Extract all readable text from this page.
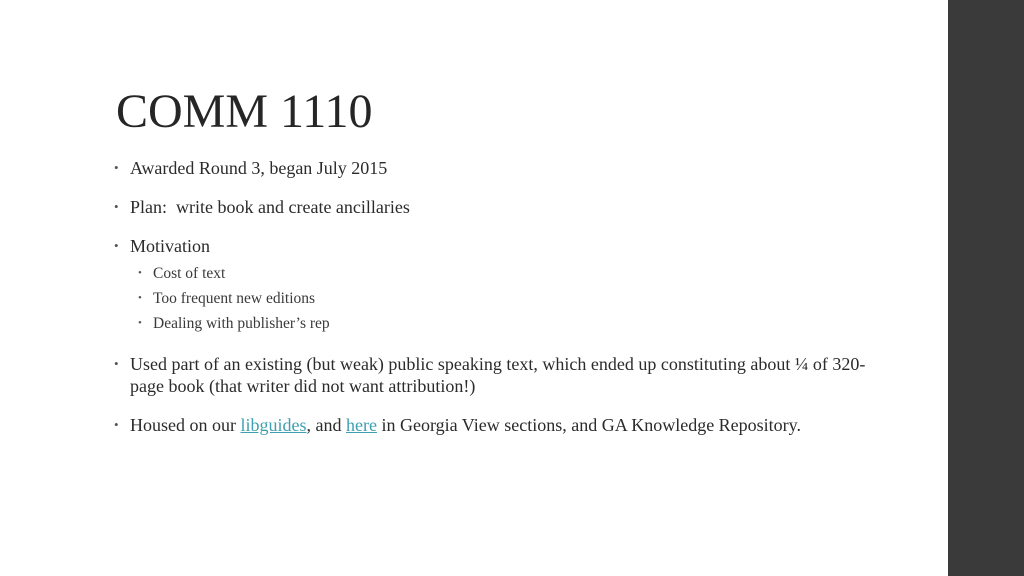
COMM 1110
• Awarded Round 3, began July 2015
• Plan:  write book and create ancillaries
• Motivation
• Cost of text
• Too frequent new editions
• Dealing with publisher’s rep
• Used part of an existing (but weak) public speaking text, which ended up constituting about ¼ of 320-page book (that writer did not want attribution!)
• Housed on our libguides, and here in Georgia View sections, and GA Knowledge Repository.
